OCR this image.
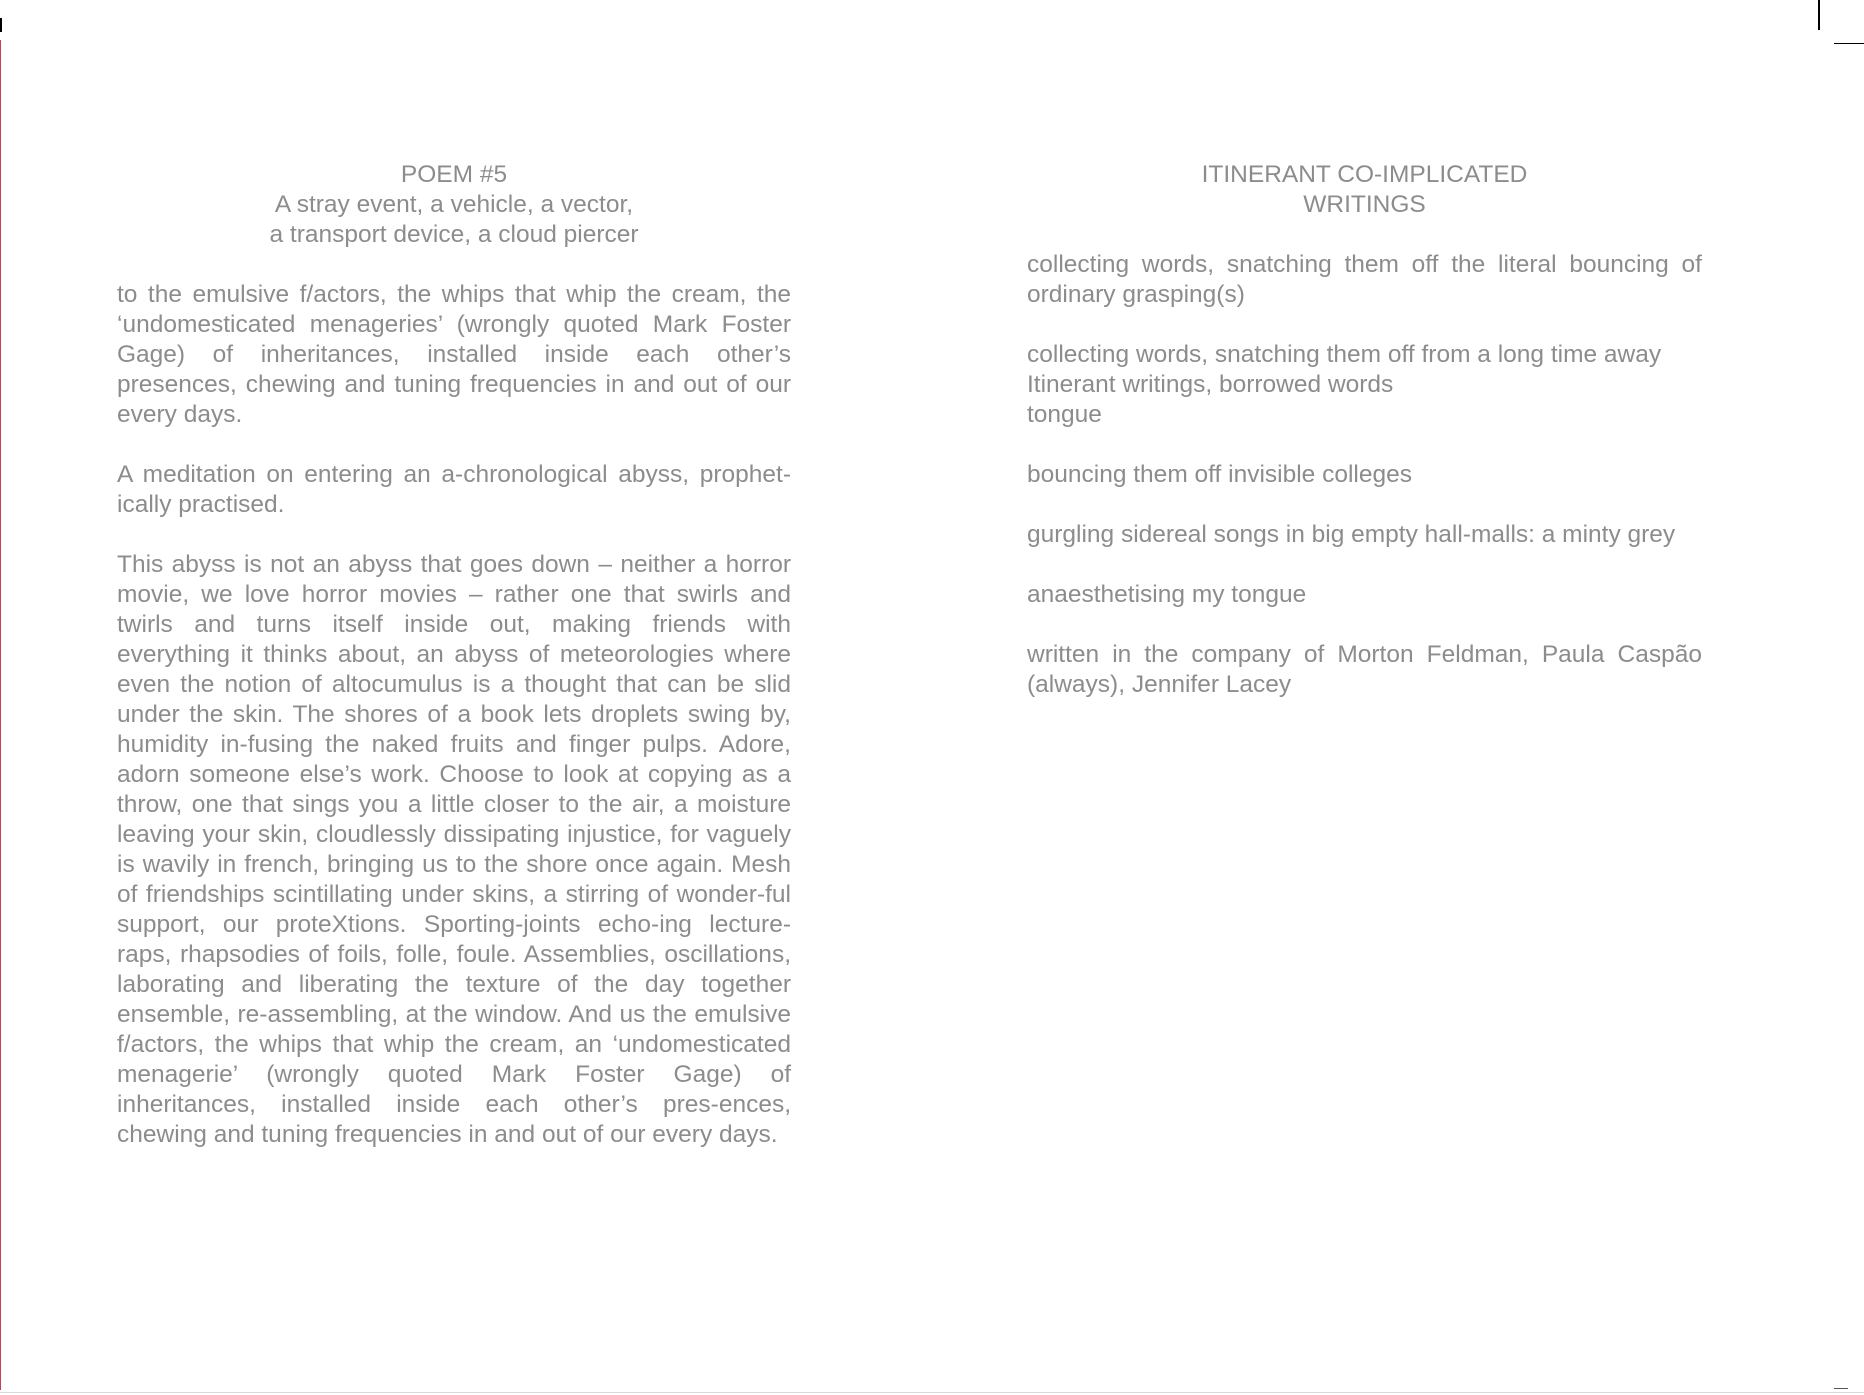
POEM #5
A stray event, a vehicle, a vector,
a transport device, a cloud piercer

to the emulsive f/actors, the whips that whip the cream, the ‘undomesticated menageries’ (wrongly quoted Mark Foster Gage) of inheritances, installed inside each other’s presences, chewing and tuning frequencies in and out of our every days.

A meditation on entering an a-chronological abyss, prophet-ically practised.

This abyss is not an abyss that goes down – neither a horror movie, we love horror movies – rather one that swirls and twirls and turns itself inside out, making friends with everything it thinks about, an abyss of meteorologies where even the notion of altocumulus is a thought that can be slid under the skin. The shores of a book lets droplets swing by, humidity in-fusing the naked fruits and finger pulps. Adore, adorn someone else’s work. Choose to look at copying as a throw, one that sings you a little closer to the air, a moisture leaving your skin, cloudlessly dissipating injustice, for vaguely is wavily in french, bringing us to the shore once again. Mesh of friendships scintillating under skins, a stirring of wonder-ful support, our proteXtions. Sporting-joints echo-ing lecture-raps, rhapsodies of foils, folle, foule. Assemblies, oscillations, laborating and liberating the texture of the day together ensemble, re-assembling, at the window. And us the emulsive f/actors, the whips that whip the cream, an ‘undomesticated menagerie’ (wrongly quoted Mark Foster Gage) of inheritances, installed inside each other’s pres-ences, chewing and tuning frequencies in and out of our every days.

ITINERANT CO-IMPLICATED
WRITINGS

collecting words, snatching them off the literal bouncing of ordinary grasping(s)

collecting words, snatching them off from a long time away
Itinerant writings, borrowed words
tongue

bouncing them off invisible colleges

gurgling sidereal songs in big empty hall-malls: a minty grey

anaesthetising my tongue

written in the company of Morton Feldman, Paula Caspão (always), Jennifer Lacey
